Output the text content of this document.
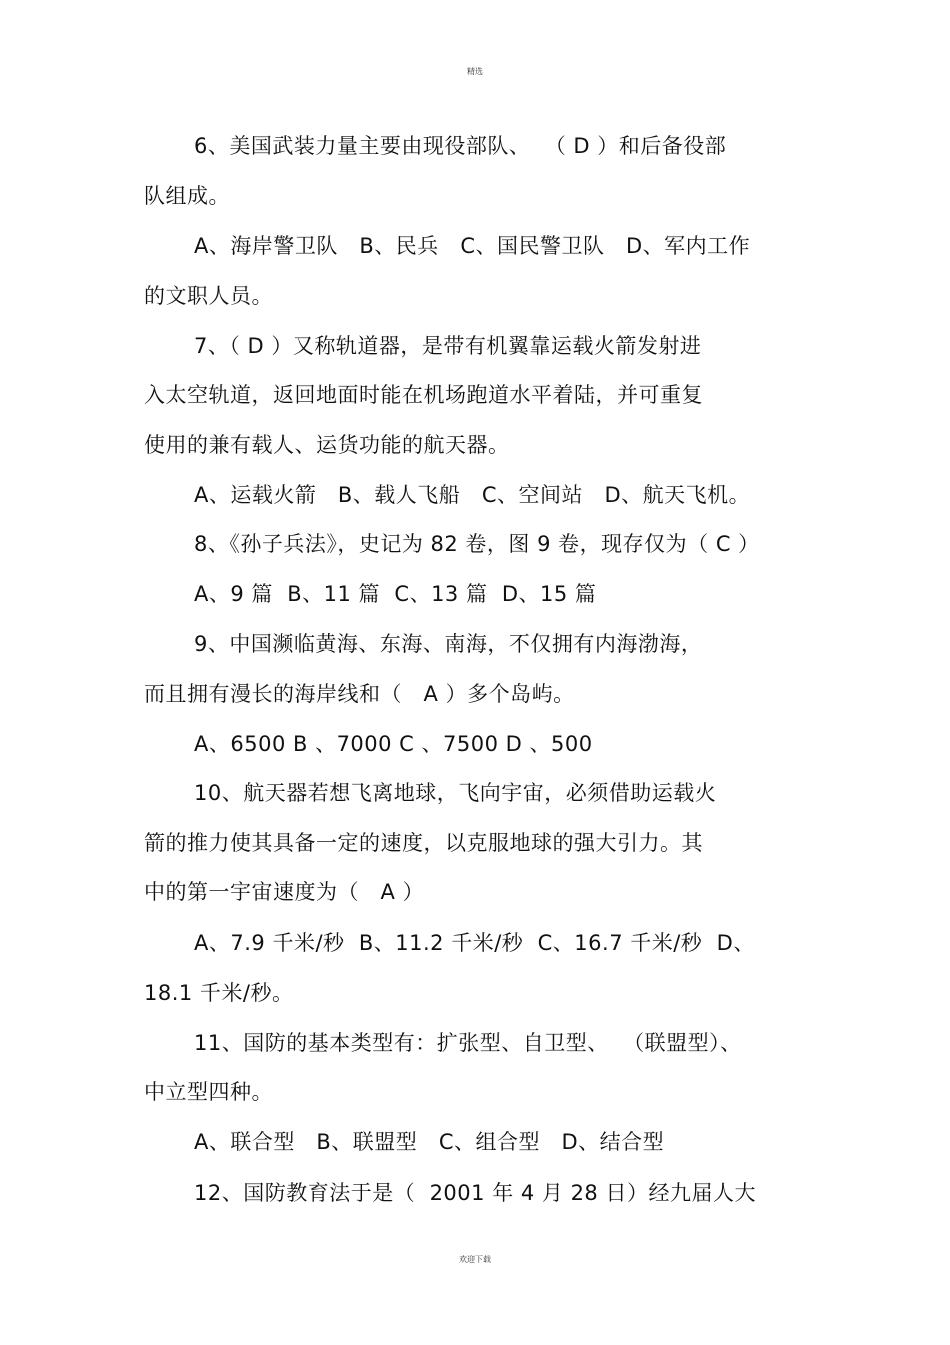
精选
6、美国武装力量主要由现役部队、  （ D ）和后备役部
队组成。
A、海岸警卫队   B、民兵   C、国民警卫队   D、军内工作
的文职人员。
7、（ D ）又称轨道器，是带有机翼靠运载火箭发射进
入太空轨道，返回地面时能在机场跑道水平着陆，并可重复
使用的兼有载人、运货功能的航天器。
A、运载火箭   B、载人飞船   C、空间站   D、航天飞机。
8、《孙子兵法》，史记为 82 卷，图 9 卷，现存仅为（ C ）
A、9 篇  B、11 篇  C、13 篇  D、15 篇
9、中国濒临黄海、东海、南海，不仅拥有内海渤海，
而且拥有漫长的海岸线和（   A ）多个岛屿。
A、6500 B 、7000 C 、7500 D 、500
10、航天器若想飞离地球，飞向宇宙，必须借助运载火
箭的推力使其具备一定的速度，以克服地球的强大引力。其
中的第一宇宙速度为（   A ）
A、7.9 千米/秒  B、11.2 千米/秒  C、16.7 千米/秒  D、
18.1 千米/秒。
11、国防的基本类型有：扩张型、自卫型、  （联盟型）、
中立型四种。
A、联合型   B、联盟型   C、组合型   D、结合型
12、国防教育法于是（  2001 年 4 月 28 日）经九届人大
欢迎下载
